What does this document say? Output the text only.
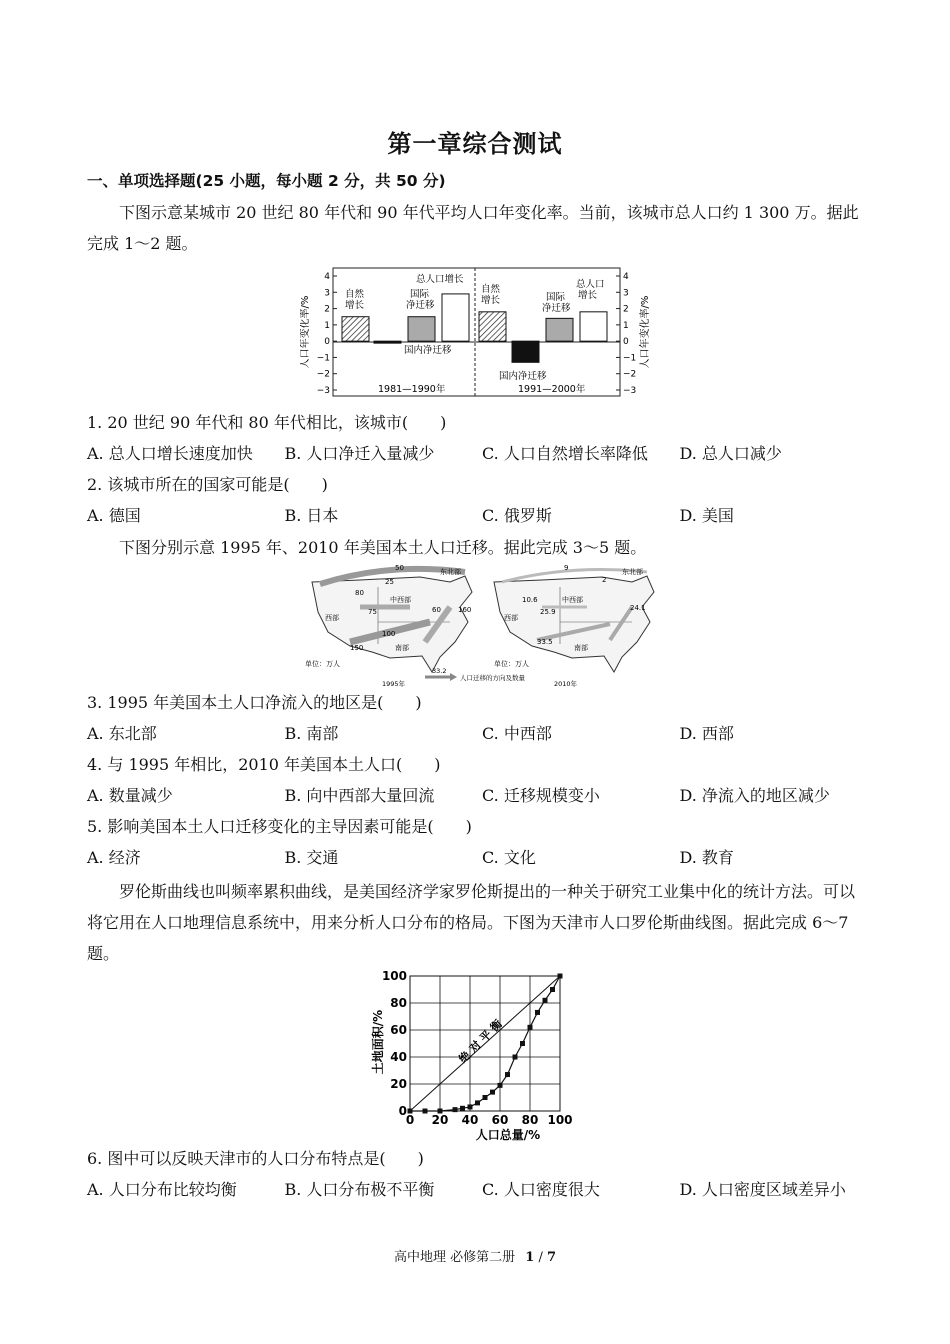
第一章综合测试
一、单项选择题(25 小题，每小题 2 分，共 50 分)
下图示意某城市 20 世纪 80 年代和 90 年代平均人口年变化率。当前，该城市总人口约 1 300 万。据此完成 1～2 题。
4	4
3	3
2	2
1	1
0	0
−1	−1
−2	−2
−3	−3
人口年变化率/%	人口年变化率/%
自然
增长
国内净迁移
国际
净迁移
总人口增长
自然
增长
国内净迁移
国际
净迁移
总人口
增长
1981—1990年	1991—2000年
1. 20 世纪 90 年代和 80 年代相比，该城市(　　)
A. 总人口增长速度加快	B. 人口净迁入量减少	C. 人口自然增长率降低	D. 总人口减少
2. 该城市所在的国家可能是(　　)
A. 德国	B. 日本	C. 俄罗斯	D. 美国
下图分别示意 1995 年、2010 年美国本土人口迁移。据此完成 3～5 题。
50
25
80
75	60 160
100
150
东北部
中西部
西部
南部
单位：万人
1995年
33.2
人口迁移的方向及数量
9
10.6
25.9	24.1
33.5
2
东北部
中西部
西部
南部
单位：万人
2010年
3. 1995 年美国本土人口净流入的地区是(　　)
A. 东北部	B. 南部	C. 中西部	D. 西部
4. 与 1995 年相比，2010 年美国本土人口(　　)
A. 数量减少	B. 向中西部大量回流	C. 迁移规模变小	D. 净流入的地区减少
5. 影响美国本土人口迁移变化的主导因素可能是(　　)
A. 经济	B. 交通	C. 文化	D. 教育
罗伦斯曲线也叫频率累积曲线，是美国经济学家罗伦斯提出的一种关于研究工业集中化的统计方法。可以将它用在人口地理信息系统中，用来分析人口分布的格局。下图为天津市人口罗伦斯曲线图。据此完成 6～7 题。
0 20 40 60 80 100
0
20
40
60
80
100
土地面积/%
人口总量/%
绝 对 平 衡
6. 图中可以反映天津市的人口分布特点是(　　)
A. 人口分布比较均衡	B. 人口分布极不平衡	C. 人口密度很大	D. 人口密度区域差异小
高中地理 必修第二册 1 / 7
